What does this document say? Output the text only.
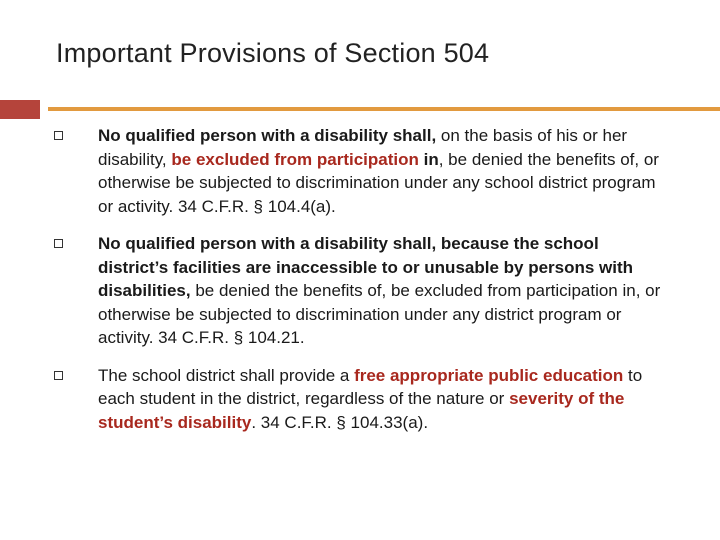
Important Provisions of Section 504
No qualified person with a disability shall, on the basis of his or her disability, be excluded from participation in, be denied the benefits of, or otherwise be subjected to discrimination under any school district program or activity. 34 C.F.R. § 104.4(a).
No qualified person with a disability shall, because the school district’s facilities are inaccessible to or unusable by persons with disabilities, be denied the benefits of, be excluded from participation in, or otherwise be subjected to discrimination under any district program or activity. 34 C.F.R. § 104.21.
The school district shall provide a free appropriate public education to each student in the district, regardless of the nature or severity of the student’s disability. 34 C.F.R. § 104.33(a).
